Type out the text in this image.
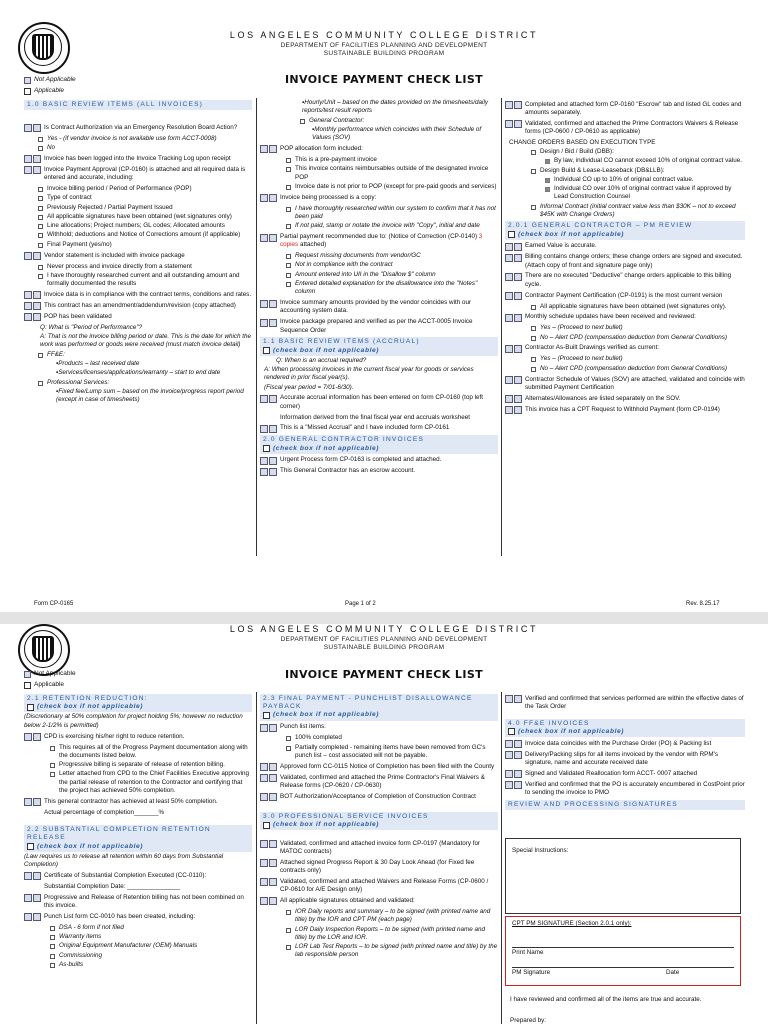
LOS ANGELES COMMUNITY COLLEGE DISTRICT
DEPARTMENT OF FACILITIES PLANNING AND DEVELOPMENT
SUSTAINABLE BUILDING PROGRAM
INVOICE PAYMENT CHECK LIST
Not Applicable
Applicable
1.0 BASIC REVIEW ITEMS (ALL INVOICES)
Is Contract Authorization via an Emergency Resolution Board Action?
Yes - (if vendor invoice is not available use form ACCT-0008)
No
Invoice has been logged into the Invoice Tracking Log upon receipt
Invoice Payment Approval (CP-0160) is attached and all required data is entered and accurate, including:
Invoice billing period / Period of Performance (POP)
Type of contract
Previously Rejected / Partial Payment Issued
All applicable signatures have been obtained (wet signatures only)
Line allocations; Project numbers; GL codes; Allocated amounts
Withhold; deductions and Notice of Corrections amount (if applicable)
Final Payment (yes/no)
Vendor statement is included with invoice package
Never process and invoice directly from a statement
I have thoroughly researched current and all outstanding amount and formally documented the results
Invoice data is in compliance with the contract terms, conditions and rates.
This contract has an amendment/addendum/revision (copy attached)
POP has been validated
Q: What is "Period of Performance"?
A: That is not the invoice billing period or date. This is the date for which the work was performed or goods were received (must match invoice detail)
FF&E:
▪Products – last received date
▪Services/licenses/applications/warranty – start to end date
Professional Services:
▪Fixed fee/Lump sum – based on the invoice/progress report period (except in case of timesheets)
▪Hourly/Unit – based on the dates provided on the timesheets/daily reports/test result reports
General Contractor:
▪Monthly performance which coincides with their Schedule of Values (SOV)
POP allocation form included:
This is a pre-payment invoice
This invoice contains reimbursables outside of the designated invoice POP
Invoice date is not prior to POP (except for pre-paid goods and services)
Invoice being processed is a copy:
I have thoroughly researched within our system to confirm that it has not been paid
If not paid, stamp or notate the invoice with "Copy", initial and date
Partial payment recommended due to: (Notice of Correction (CP-0140) 3 copies attached)
Request missing documents from vendor/GC
Not in compliance with the contract
Amount entered into UII in the "Disallow $" column
Entered detailed explanation for the disallowance into the "Notes" column
Invoice summary amounts provided by the vendor coincides with our accounting system data.
Invoice package prepared and verified as per the ACCT-0005 Invoice Sequence Order
1.1 BASIC REVIEW ITEMS (ACCRUAL)
(check box if not applicable)
Q: When is an accrual required?
A: When processing invoices in the current fiscal year for goods or services rendered in prior fiscal year(s).
(Fiscal year period = 7/01-6/30).
Accurate accrual information has been entered on form CP-0160 (top left corner)
Information derived from the final fiscal year end accruals worksheet
This is a "Missed Accrual" and I have included form CP-0161
2.0 GENERAL CONTRACTOR INVOICES
(check box if not applicable)
Urgent Process form CP-0163 is completed and attached.
This General Contractor has an escrow account.
Completed and attached form CP-0160 "Escrow" tab and listed GL codes and amounts separately.
Validated, confirmed and attached the Prime Contractors Waivers & Release forms (CP-0600 / CP-0610 as applicable)
CHANGE ORDERS BASED ON EXECUTION TYPE
Design / Bid / Build (DBB):
By law, individual CO cannot exceed 10% of original contract value.
Design Build & Lease-Leaseback (DB&LLB):
Individual CO up to 10% of original contract value.
Individual CO over 10% of original contract value if approved by Lead Construction Counsel
Informal Contract (initial contract value less than $30K – not to exceed $45K with Change Orders)
2.0.1 GENERAL CONTRACTOR – PM REVIEW
(check box if not applicable)
Earned Value is accurate.
Billing contains change orders; these change orders are signed and executed. (Attach copy of front and signature page only)
There are no executed "Deductive" change orders applicable to this billing cycle.
Contractor Payment Certification (CP-0191) is the most current version
All applicable signatures have been obtained (wet signatures only).
Monthly schedule updates have been received and reviewed:
Yes – (Proceed to next bullet)
No – Alert CPD (compensation deduction from General Conditions)
Contractor As-Built Drawings verified as current:
Yes – (Proceed to next bullet)
No – Alert CPD (compensation deduction from General Conditions)
Contractor Schedule of Values (SOV) are attached, validated and coincide with submitted Payment Certification
Alternates/Allowances are listed separately on the SOV.
This invoice has a CPT Request to Withhold Payment (form CP-0194)
Form CP-0165	Page 1 of 2	Rev. 8.25.17
LOS ANGELES COMMUNITY COLLEGE DISTRICT
DEPARTMENT OF FACILITIES PLANNING AND DEVELOPMENT
SUSTAINABLE BUILDING PROGRAM
INVOICE PAYMENT CHECK LIST
Not Applicable
Applicable
2.1 RETENTION REDUCTION:
(check box if not applicable)
(Discretionary at 50% completion for project holding 5%; however no reduction below 2-1/2% is permitted)
CPD is exercising his/her right to reduce retention.
This requires all of the Progress Payment documentation along with the documents listed below.
Progressive billing is separate of release of retention billing.
Letter attached from CPD to the Chief Facilities Executive approving the partial release of retention to the Contractor and certifying that the project has achieved 50% completion.
This general contractor has achieved at least 50% completion.
Actual percentage of completion_______%
2.2 SUBSTANTIAL COMPLETION RETENTION RELEASE
(check box if not applicable)
(Law requires us to release all retention within 60 days from Substantial Completion)
Certificate of Substantial Completion Executed (CC-0110):
Substantial Completion Date: _______________
Progressive and Release of Retention billing has not been combined on this invoice.
Punch List form CC-0010 has been created, including:
DSA - 6 form if not filed
Warranty items
Original Equipment Manufacturer (OEM) Manuals
Commissioning
As-builts
2.3 FINAL PAYMENT - PUNCHLIST DISALLOWANCE PAYBACK
(check box if not applicable)
Punch list items:
100% completed
Partially completed - remaining items have been removed from GC's punch list – cost associated will not be payable.
Approved form CC-0115 Notice of Completion has been filed with the County
Validated, confirmed and attached the Prime Contractor's Final Waivers & Release forms (CP-0620 / CP-0630)
BOT Authorization/Acceptance of Completion of Construction Contract
3.0 PROFESSIONAL SERVICE INVOICES
(check box if not applicable)
Validated, confirmed and attached invoice form CP-0197 (Mandatory for MATOC contracts)
Attached signed Progress Report & 30 Day Look Ahead (for Fixed fee contracts only)
Validated, confirmed and attached Waivers and Release Forms (CP-0600 / CP-0610 for A/E Design only)
All applicable signatures obtained and validated:
IOR Daily reports and summary – to be signed (with printed name and title) by the IOR and CPT PM (each page)
LOR Daily Inspection Reports – to be signed (with printed name and title) by the LOR and IOR.
LOR Lab Test Reports – to be signed (with printed name and title) by the lab responsible person
Verified and confirmed that services performed are within the effective dates of the Task Order
4.0 FF&E INVOICES
(check box if not applicable)
Invoice data coincides with the Purchase Order (PO) & Packing list
Delivery/Packing slips for all items invoiced by the vendor with RPM's signature, name and accurate received date
Signed and Validated Reallocation form ACCT- 0007 attached
Verified and confirmed that the PO is accurately encumbered in CostPoint prior to sending the invoice to PMO
REVIEW AND PROCESSING SIGNATURES
Special Instructions:
CPT PM SIGNATURE (Section 2.0.1 only):
Print Name
PM Signature	Date
I have reviewed and confirmed all of the items are true and accurate.
Prepared by:
